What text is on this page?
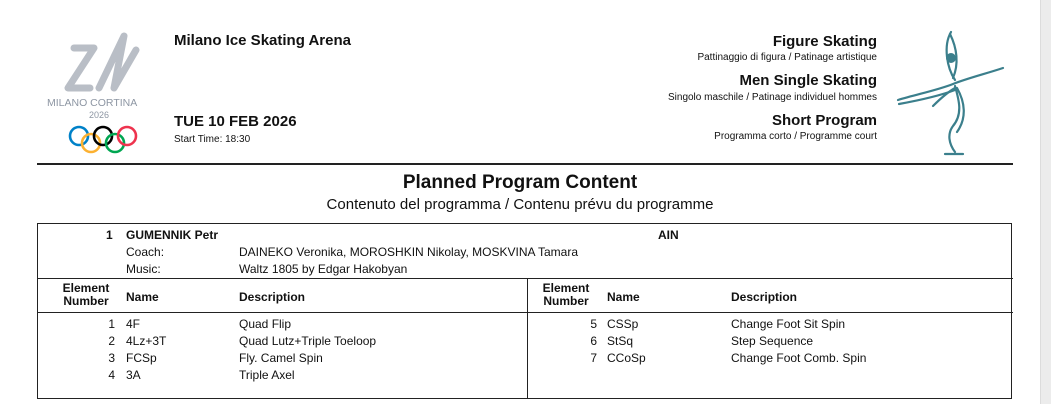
MILANO CORTINA
2026
Milano Ice Skating Arena
TUE 10 FEB 2026
Start Time: 18:30
Figure Skating
Pattinaggio di figura / Patinage artistique
Men Single Skating
Singolo maschile / Patinage individuel hommes
Short Program
Programma corto / Programme court
Planned Program Content
Contenuto del programma / Contenu prévu du programme
1 GUMENNIK Petr	AIN
Coach:	DAINEKO Veronika, MOROSHKIN Nikolay, MOSKVINA Tamara
Music:	Waltz 1805 by Edgar Hakobyan
Element
Number	Name	Description
Element
Number	Name	Description
1 4F	Quad Flip
2 4Lz+3T	Quad Lutz+Triple Toeloop
3 FCSp	Fly. Camel Spin
4 3A	Triple Axel
5 CSSp	Change Foot Sit Spin
6 StSq	Step Sequence
7 CCoSp	Change Foot Comb. Spin
